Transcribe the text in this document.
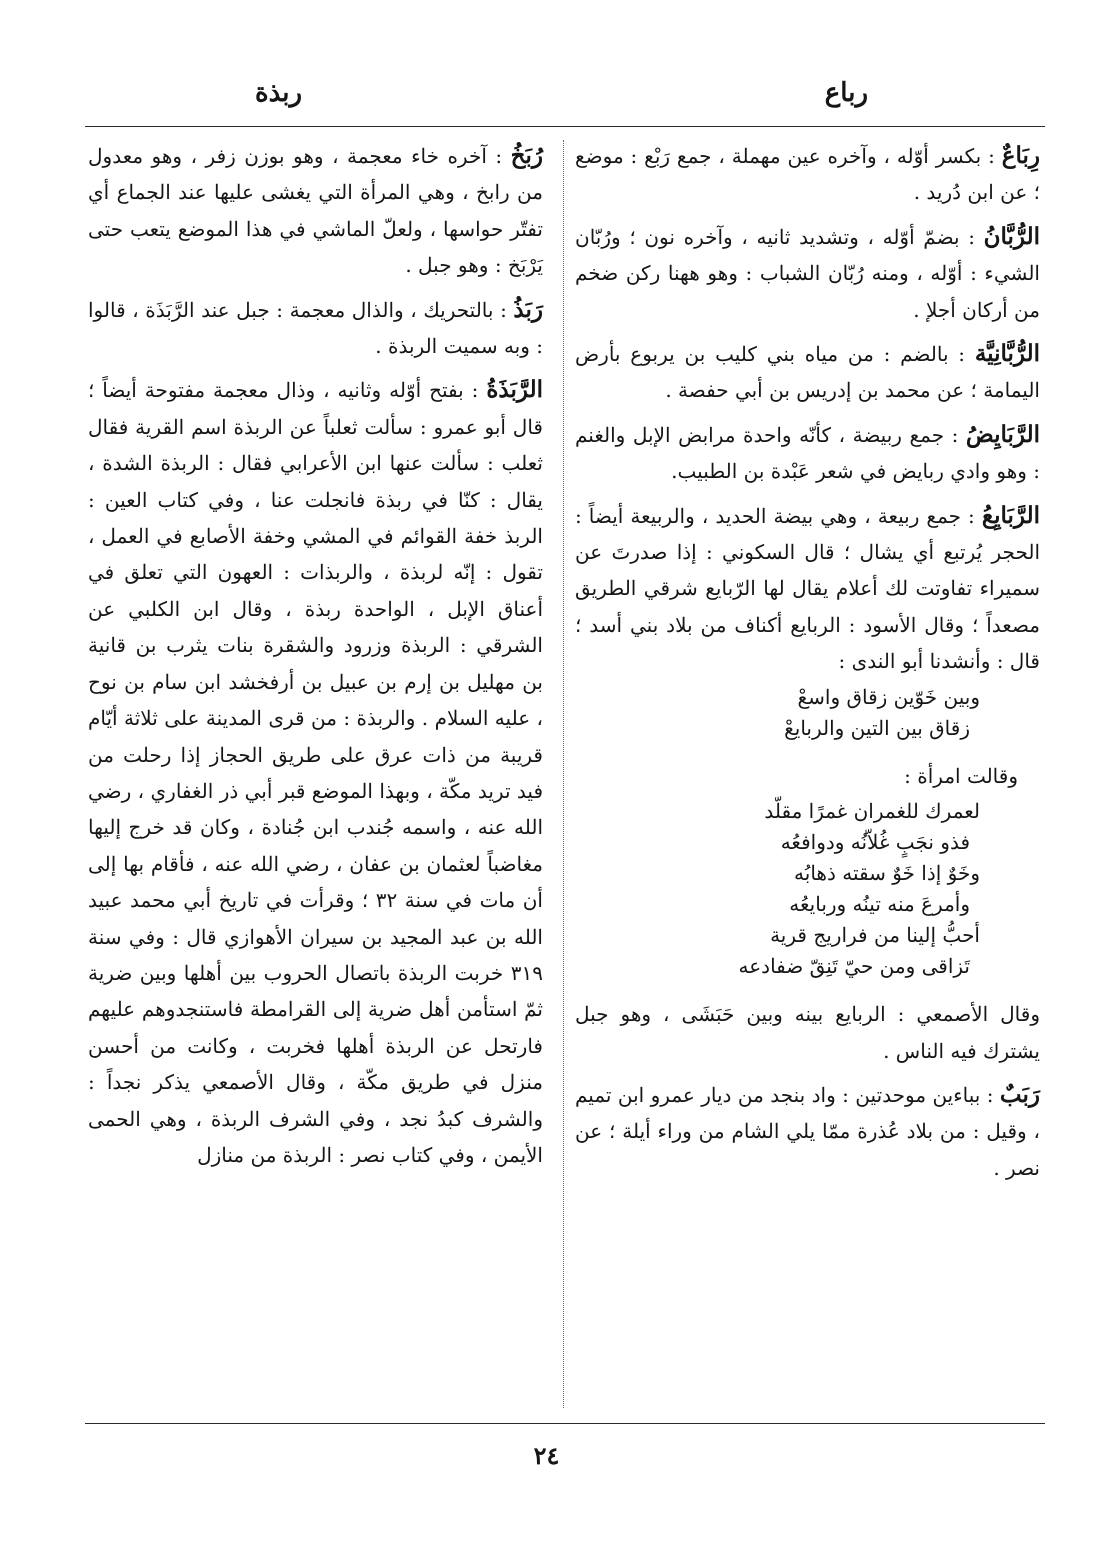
رباع
ربذة

رِبَاعٌ : بكسر أوّله ، وآخره عين مهملة ، جمع رَبْع : موضع ؛ عن ابن دُريد .

الرُّبَّانُ : بضمّ أوّله ، وتشديد ثانيه ، وآخره نون ؛ ورُبّان الشيء : أوّله ، ومنه رُبّان الشباب : وهو ههنا ركن ضخم من أركان أجلإ .

الرُّبَّانِيَّة : بالضم : من مياه بني كليب بن يربوع بأرض اليمامة ؛ عن محمد بن إدريس بن أبي حفصة .

الرَّبَايِضُ : جمع ربيضة ، كأنّه واحدة مرابض الإبل والغنم : وهو وادي ربايض في شعر عَبْدة بن الطبيب.

الرَّبَايِعُ : جمع ربيعة ، وهي بيضة الحديد ، والربيعة أيضاً : الحجر يُرتبع أي يشال ؛ قال السكوني : إذا صدرتَ عن سميراء تفاوتت لك أعلام يقال لها الرّبايع شرقي الطريق مصعداً ؛ وقال الأسود : الربايع أكناف من بلاد بني أسد ؛ قال : وأنشدنا أبو الندى :

وبين خَوّين زقاق واسعْ
زقاق بين التين والربايعْ

وقالت امرأة :

لعمرك للغمران غمرًا مقلّد
فذو نجَبٍ غُلاّنُه ودوافعُه
وخَوٌ إذا خَوٌ سقته ذهابُه
وأمرعَ منه تينُه وربايعُه
أحبُّ إلينا من فراريج قرية
تَزاقى ومن حيّ تَنِقّ ضفادعه

وقال الأصمعي : الربايع بينه وبين حَبَشَى ، وهو جبل يشترك فيه الناس .

رَبَبٌ : بباءين موحدتين : واد بنجد من ديار عمرو ابن تميم ، وقيل : من بلاد عُذرة ممّا يلي الشام من وراء أيلة ؛ عن نصر .

رُبَخُ : آخره خاء معجمة ، وهو بوزن زفر ، وهو معدول من رابخ ، وهي المرأة التي يغشى عليها عند الجماع أي تفتّر حواسها ، ولعلّ الماشي في هذا الموضع يتعب حتى يَرْبَخ : وهو جبل .

رَبَذُ : بالتحريك ، والذال معجمة : جبل عند الرَّبَذَة ، قالوا : وبه سميت الربذة .

الرَّبَذَةُ : بفتح أوّله وثانيه ، وذال معجمة مفتوحة أيضاً ؛ قال أبو عمرو : سألت ثعلباً عن الربذة اسم القرية فقال ثعلب : سألت عنها ابن الأعرابي فقال : الربذة الشدة ، يقال : كنّا في ربذة فانجلت عنا ، وفي كتاب العين : الربذ خفة القوائم في المشي وخفة الأصابع في العمل ، تقول : إنّه لربذة ، والربذات : العهون التي تعلق في أعناق الإبل ، الواحدة ربذة ، وقال ابن الكلبي عن الشرقي : الربذة وزرود والشقرة بنات يثرب بن قانية بن مهليل بن إرم بن عبيل بن أرفخشد ابن سام بن نوح ، عليه السلام . والربذة : من قرى المدينة على ثلاثة أيّام قريبة من ذات عرق على طريق الحجاز إذا رحلت من فيد تريد مكّة ، وبهذا الموضع قبر أبي ذر الغفاري ، رضي الله عنه ، واسمه جُندب ابن جُنادة ، وكان قد خرج إليها مغاضباً لعثمان بن عفان ، رضي الله عنه ، فأقام بها إلى أن مات في سنة ٣٢ ؛ وقرأت في تاريخ أبي محمد عبيد الله بن عبد المجيد بن سيران الأهوازي قال : وفي سنة ٣١٩ خربت الربذة باتصال الحروب بين أهلها وبين ضرية ثمّ استأمن أهل ضرية إلى القرامطة فاستنجدوهم عليهم فارتحل عن الربذة أهلها فخربت ، وكانت من أحسن منزل في طريق مكّة ، وقال الأصمعي يذكر نجداً : والشرف كبدُ نجد ، وفي الشرف الربذة ، وهي الحمى الأيمن ، وفي كتاب نصر : الربذة من منازل

٢٤
